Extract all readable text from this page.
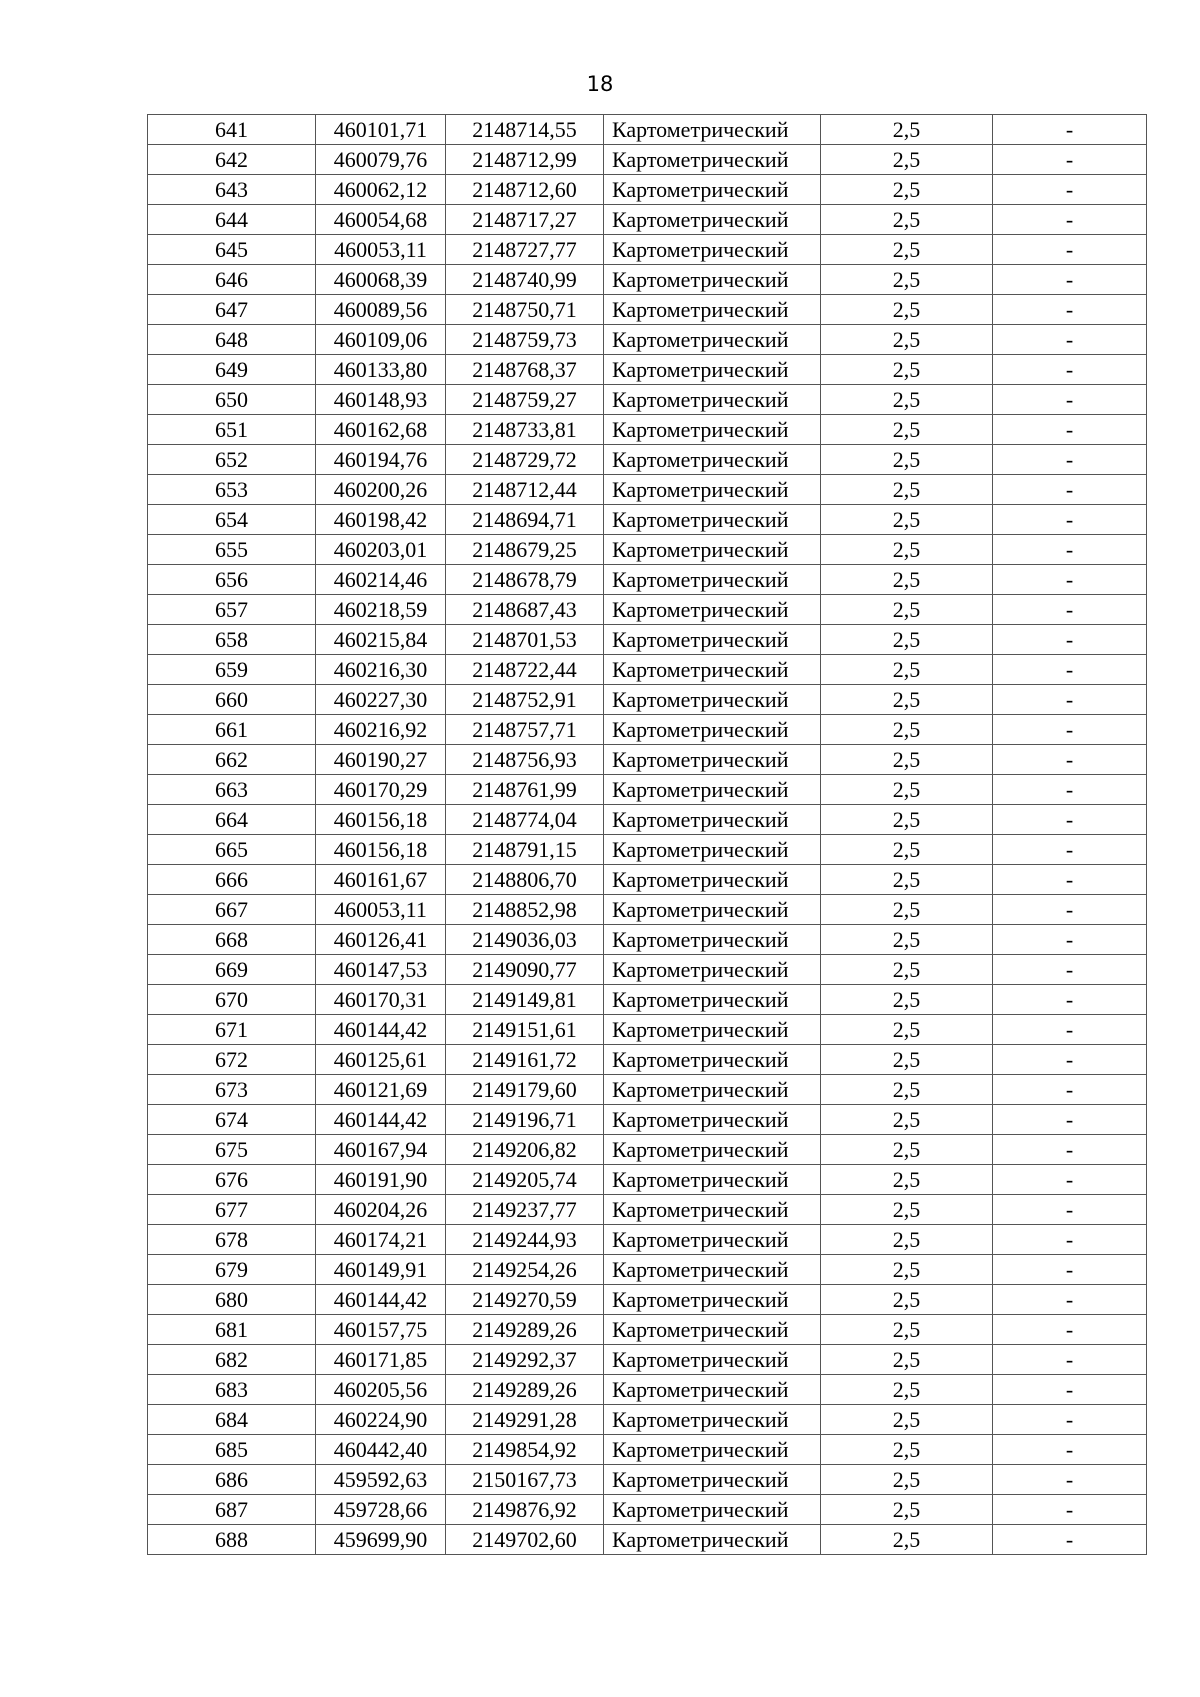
18
641	460101,71	2148714,55	Картометрический	2,5	-
642	460079,76	2148712,99	Картометрический	2,5	-
643	460062,12	2148712,60	Картометрический	2,5	-
644	460054,68	2148717,27	Картометрический	2,5	-
645	460053,11	2148727,77	Картометрический	2,5	-
646	460068,39	2148740,99	Картометрический	2,5	-
647	460089,56	2148750,71	Картометрический	2,5	-
648	460109,06	2148759,73	Картометрический	2,5	-
649	460133,80	2148768,37	Картометрический	2,5	-
650	460148,93	2148759,27	Картометрический	2,5	-
651	460162,68	2148733,81	Картометрический	2,5	-
652	460194,76	2148729,72	Картометрический	2,5	-
653	460200,26	2148712,44	Картометрический	2,5	-
654	460198,42	2148694,71	Картометрический	2,5	-
655	460203,01	2148679,25	Картометрический	2,5	-
656	460214,46	2148678,79	Картометрический	2,5	-
657	460218,59	2148687,43	Картометрический	2,5	-
658	460215,84	2148701,53	Картометрический	2,5	-
659	460216,30	2148722,44	Картометрический	2,5	-
660	460227,30	2148752,91	Картометрический	2,5	-
661	460216,92	2148757,71	Картометрический	2,5	-
662	460190,27	2148756,93	Картометрический	2,5	-
663	460170,29	2148761,99	Картометрический	2,5	-
664	460156,18	2148774,04	Картометрический	2,5	-
665	460156,18	2148791,15	Картометрический	2,5	-
666	460161,67	2148806,70	Картометрический	2,5	-
667	460053,11	2148852,98	Картометрический	2,5	-
668	460126,41	2149036,03	Картометрический	2,5	-
669	460147,53	2149090,77	Картометрический	2,5	-
670	460170,31	2149149,81	Картометрический	2,5	-
671	460144,42	2149151,61	Картометрический	2,5	-
672	460125,61	2149161,72	Картометрический	2,5	-
673	460121,69	2149179,60	Картометрический	2,5	-
674	460144,42	2149196,71	Картометрический	2,5	-
675	460167,94	2149206,82	Картометрический	2,5	-
676	460191,90	2149205,74	Картометрический	2,5	-
677	460204,26	2149237,77	Картометрический	2,5	-
678	460174,21	2149244,93	Картометрический	2,5	-
679	460149,91	2149254,26	Картометрический	2,5	-
680	460144,42	2149270,59	Картометрический	2,5	-
681	460157,75	2149289,26	Картометрический	2,5	-
682	460171,85	2149292,37	Картометрический	2,5	-
683	460205,56	2149289,26	Картометрический	2,5	-
684	460224,90	2149291,28	Картометрический	2,5	-
685	460442,40	2149854,92	Картометрический	2,5	-
686	459592,63	2150167,73	Картометрический	2,5	-
687	459728,66	2149876,92	Картометрический	2,5	-
688	459699,90	2149702,60	Картометрический	2,5	-
